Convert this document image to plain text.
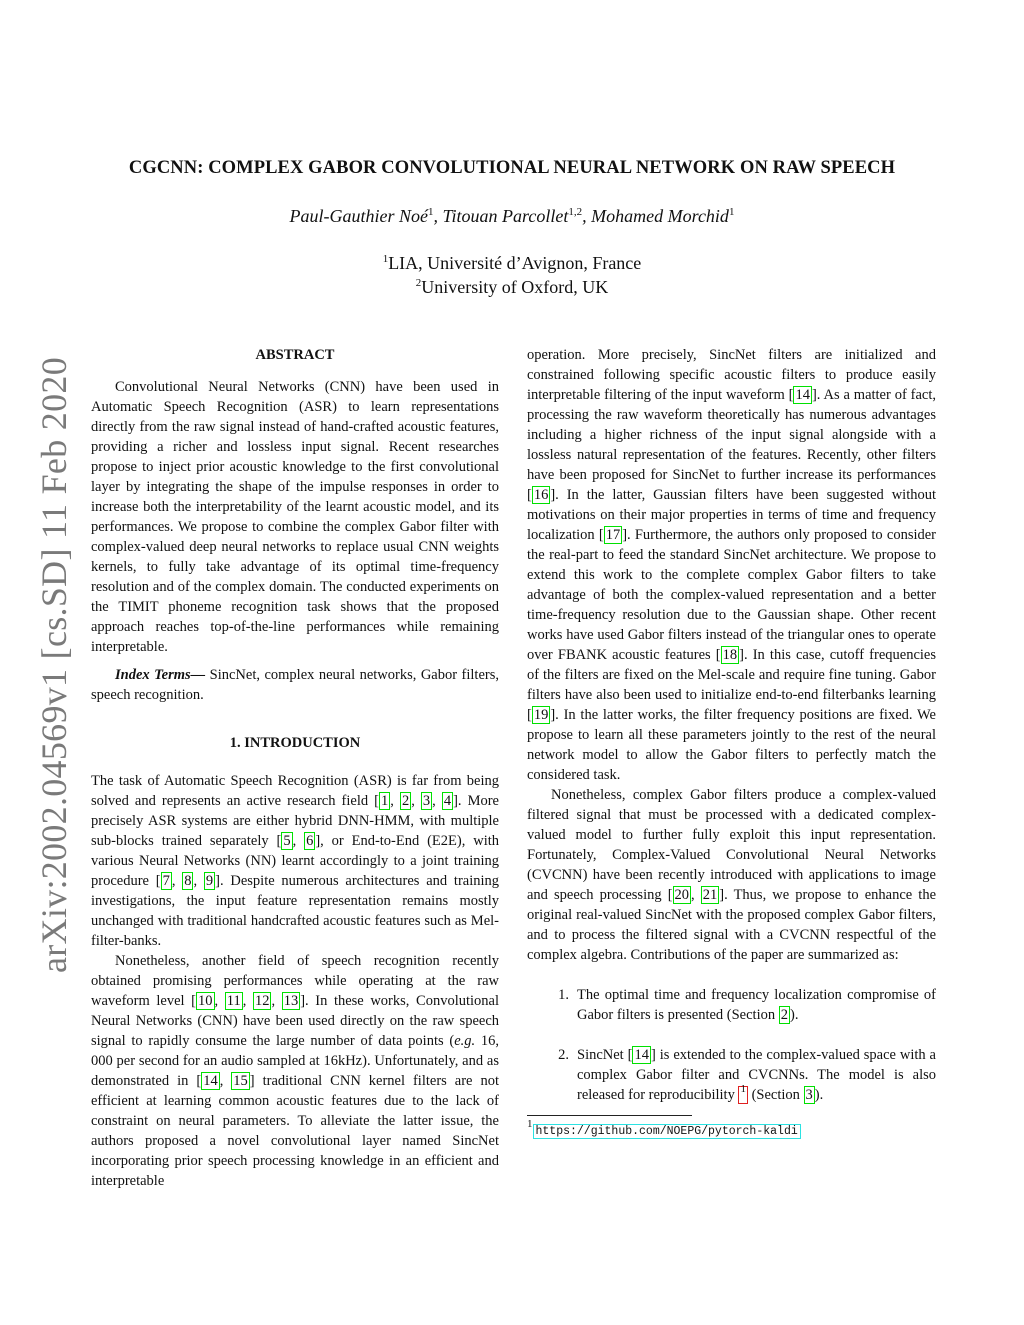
arXiv:2002.04569v1 [cs.SD] 11 Feb 2020
CGCNN: COMPLEX GABOR CONVOLUTIONAL NEURAL NETWORK ON RAW SPEECH
Paul-Gauthier Noé$^1$, Titouan Parcollet$^{1,2}$, Mohamed Morchid$^1$
$^1$LIA, Université d’Avignon, France
$^2$University of Oxford, UK
ABSTRACT

Convolutional Neural Networks (CNN) have been used in Automatic Speech Recognition (ASR) to learn representations directly from the raw signal instead of hand-crafted acoustic features, providing a richer and lossless input signal. Recent researches propose to inject prior acoustic knowledge to the first convolutional layer by integrating the shape of the impulse responses in order to increase both the interpretability of the learnt acoustic model, and its performances. We propose to combine the complex Gabor filter with complex-valued deep neural networks to replace usual CNN weights kernels, to fully take advantage of its optimal time-frequency resolution and of the complex domain. The conducted experiments on the TIMIT phoneme recognition task shows that the proposed approach reaches top-of-the-line performances while remaining interpretable.

Index Terms— SincNet, complex neural networks, Gabor filters, speech recognition.

1. INTRODUCTION

The task of Automatic Speech Recognition (ASR) is far from being solved and represents an active research field [ 1 , 2 , 3 , 4 ]. More precisely ASR systems are either hybrid DNN-HMM, with multiple sub-blocks trained separately [ 5 , 6 ], or End-to-End (E2E), with various Neural Networks (NN) learnt accordingly to a joint training procedure [ 7 , 8 , 9 ]. Despite numerous architectures and training investigations, the input feature representation remains mostly unchanged with traditional handcrafted acoustic features such as Mel-filter-banks.

Nonetheless, another field of speech recognition recently obtained promising performances while operating at the raw waveform level [ 10 , 11 , 12 , 13 ]. In these works, Convolutional Neural Networks (CNN) have been used directly on the raw speech signal to rapidly consume the large number of data points (e.g. 16, 000 per second for an audio sampled at 16kHz). Unfortunately, and as demonstrated in [ 14 , 15 ] traditional CNN kernel filters are not efficient at learning common acoustic features due to the lack of constraint on neural parameters. To alleviate the latter issue, the authors proposed a novel convolutional layer named SincNet incorporating prior speech processing knowledge in an efficient and interpretable

operation. More precisely, SincNet filters are initialized and constrained following specific acoustic filters to produce easily interpretable filtering of the input waveform [ 14 ]. As a matter of fact, processing the raw waveform theoretically has numerous advantages including a higher richness of the input signal alongside with a lossless natural representation of the features. Recently, other filters have been proposed for SincNet to further increase its performances [ 16 ]. In the latter, Gaussian filters have been suggested without motivations on their major properties in terms of time and frequency localization [ 17 ]. Furthermore, the authors only proposed to consider the real-part to feed the standard SincNet architecture. We propose to extend this work to the complete complex Gabor filters to take advantage of both the complex-valued representation and a better time-frequency resolution due to the Gaussian shape. Other recent works have used Gabor filters instead of the triangular ones to operate over FBANK acoustic features [ 18 ]. In this case, cutoff frequencies of the filters are fixed on the Mel-scale and require fine tuning. Gabor filters have also been used to initialize end-to-end filterbanks learning [ 19 ]. In the latter works, the filter frequency positions are fixed. We propose to learn all these parameters jointly to the rest of the neural network model to allow the Gabor filters to perfectly match the considered task.

Nonetheless, complex Gabor filters produce a complex-valued filtered signal that must be processed with a dedicated complex-valued model to further fully exploit this input representation. Fortunately, Complex-Valued Convolutional Neural Networks (CVCNN) have been recently introduced with applications to image and speech processing [ 20 , 21 ]. Thus, we propose to enhance the original real-valued SincNet with the proposed complex Gabor filters, and to process the filtered signal with a CVCNN respectful of the complex algebra. Contributions of the paper are summarized as:

1. The optimal time and frequency localization compromise of Gabor filters is presented (Section 2 ).
2. SincNet [ 14 ] is extended to the complex-valued space with a complex Gabor filter and CVCNNs. The model is also released for reproducibility $^1$ (Section 3 ).
$^1$https://github.com/NOEPG/pytorch-kaldi
